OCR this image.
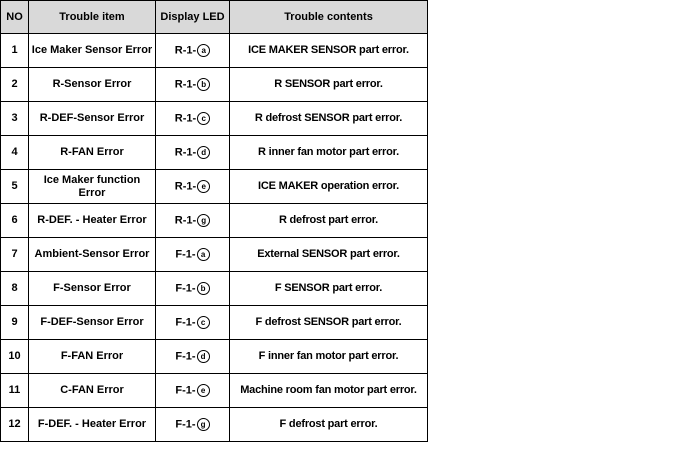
NO	Trouble item	Display LED	Trouble contents
1	Ice Maker Sensor Error	R-1- a	ICE MAKER SENSOR part error.
2	R-Sensor Error	R-1- b	R SENSOR part error.
3	R-DEF-Sensor Error	R-1- c	R defrost SENSOR part error.
4	R-FAN Error	R-1- d	R inner fan motor part error.
5	Ice Maker function Error	R-1- e	ICE MAKER operation error.
6	R-DEF. - Heater Error	R-1- g	R defrost part error.
7	Ambient-Sensor Error	F-1- a	External SENSOR part error.
8	F-Sensor Error	F-1- b	F SENSOR part error.
9	F-DEF-Sensor Error	F-1- c	F defrost SENSOR part error.
10	F-FAN Error	F-1- d	F inner fan motor part error.
11	C-FAN Error	F-1- e	Machine room fan motor part error.
12	F-DEF. - Heater Error	F-1- g	F defrost part error.
